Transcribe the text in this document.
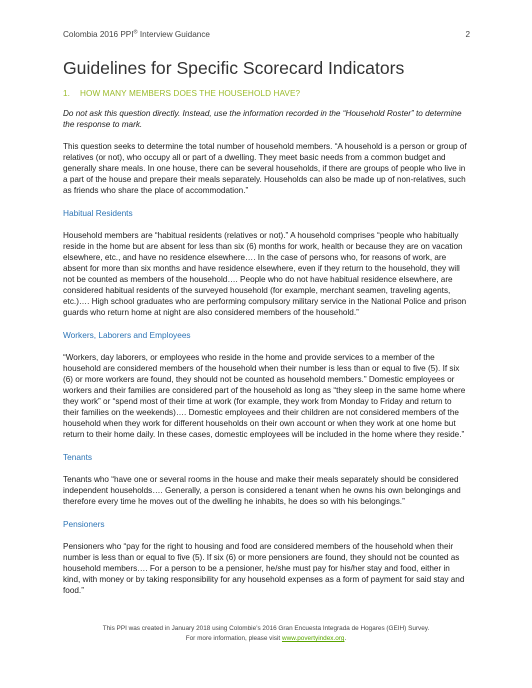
Colombia 2016 PPI® Interview Guidance	2
Guidelines for Specific Scorecard Indicators
1.	HOW MANY MEMBERS DOES THE HOUSEHOLD HAVE?

Do not ask this question directly. Instead, use the information recorded in the “Household Roster” to determine the response to mark.

This question seeks to determine the total number of household members. “A household is a person or group of relatives (or not), who occupy all or part of a dwelling. They meet basic needs from a common budget and generally share meals. In one house, there can be several households, if there are groups of people who live in a part of the house and prepare their meals separately. Households can also be made up of non-relatives, such as friends who share the place of accommodation.”

Habitual Residents

Household members are “habitual residents (relatives or not).” A household comprises “people who habitually reside in the home but are absent for less than six (6) months for work, health or because they are on vacation elsewhere, etc., and have no residence elsewhere…. In the case of persons who, for reasons of work, are absent for more than six months and have residence elsewhere, even if they return to the household, they will not be counted as members of the household…. People who do not have habitual residence elsewhere, are considered habitual residents of the surveyed household (for example, merchant seamen, traveling agents, etc.)…. High school graduates who are performing compulsory military service in the National Police and prison guards who return home at night are also considered members of the household.”

Workers, Laborers and Employees

“Workers, day laborers, or employees who reside in the home and provide services to a member of the household are considered members of the household when their number is less than or equal to five (5). If six (6) or more workers are found, they should not be counted as household members.” Domestic employees or workers and their families are considered part of the household as long as “they sleep in the same home where they work” or “spend most of their time at work (for example, they work from Monday to Friday and return to their families on the weekends)…. Domestic employees and their children are not considered members of the household when they work for different households on their own account or when they work at one home but return to their home daily. In these cases, domestic employees will be included in the home where they reside.”

Tenants

Tenants who “have one or several rooms in the house and make their meals separately should be considered independent households…. Generally, a person is considered a tenant when he owns his own belongings and therefore every time he moves out of the dwelling he inhabits, he does so with his belongings.”

Pensioners

Pensioners who “pay for the right to housing and food are considered members of the household when their number is less than or equal to five (5). If six (6) or more pensioners are found, they should not be counted as household members…. For a person to be a pensioner, he/she must pay for his/her stay and food, either in kind, with money or by taking responsibility for any household expenses as a form of payment for said stay and food.”

This PPI was created in January 2018 using Colombie’s 2016 Gran Encuesta Integrada de Hogares (GEIH) Survey.
For more information, please visit www.povertyindex.org.
